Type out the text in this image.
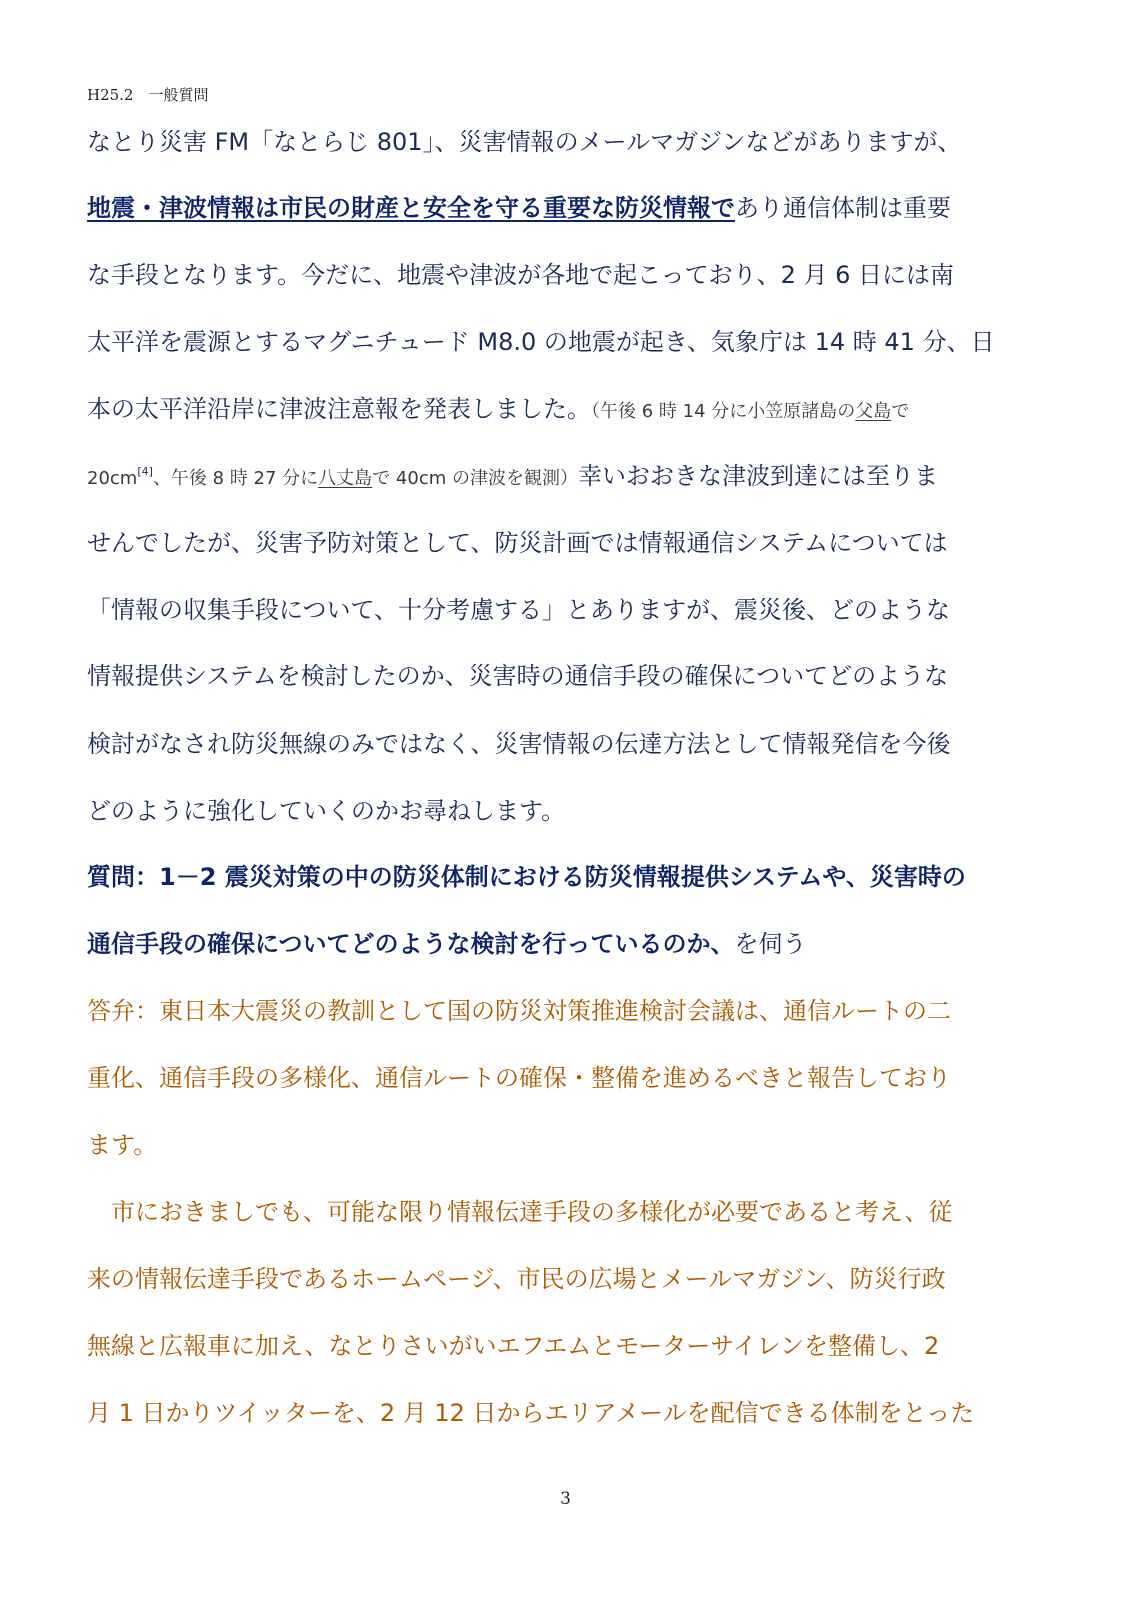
H25.2　一般質問
なとり災害 FM「なとらじ 801」、災害情報のメールマガジンなどがありますが、
地震・津波情報は市民の財産と安全を守る重要な防災情報であり通信体制は重要
な手段となります。今だに、地震や津波が各地で起こっており、2 月 6 日には南
太平洋を震源とするマグニチュード M8.0 の地震が起き、気象庁は 14 時 41 分、日
本の太平洋沿岸に津波注意報を発表しました。（午後 6 時 14 分に小笠原諸島の父島で
20cm[4]、午後 8 時 27 分に八丈島で 40cm の津波を観測）幸いおおきな津波到達には至りま
せんでしたが、災害予防対策として、防災計画では情報通信システムについては
「情報の収集手段について、十分考慮する」とありますが、震災後、どのような
情報提供システムを検討したのか、災害時の通信手段の確保についてどのような
検討がなされ防災無線のみではなく、災害情報の伝達方法として情報発信を今後
どのように強化していくのかお尋ねします。
質問：1－2 震災対策の中の防災体制における防災情報提供システムや、災害時の
通信手段の確保についてどのような検討を行っているのか、を伺う
答弁：東日本大震災の教訓として国の防災対策推進検討会議は、通信ルートの二
重化、通信手段の多様化、通信ルートの確保・整備を進めるべきと報告しており
ます。
　市におきましでも、可能な限り情報伝達手段の多様化が必要であると考え、従
来の情報伝達手段であるホームページ、市民の広場とメールマガジン、防災行政
無線と広報車に加え、なとりさいがいエフエムとモーターサイレンを整備し、2
月 1 日かりツイッターを、2 月 12 日からエリアメールを配信できる体制をとった
3
